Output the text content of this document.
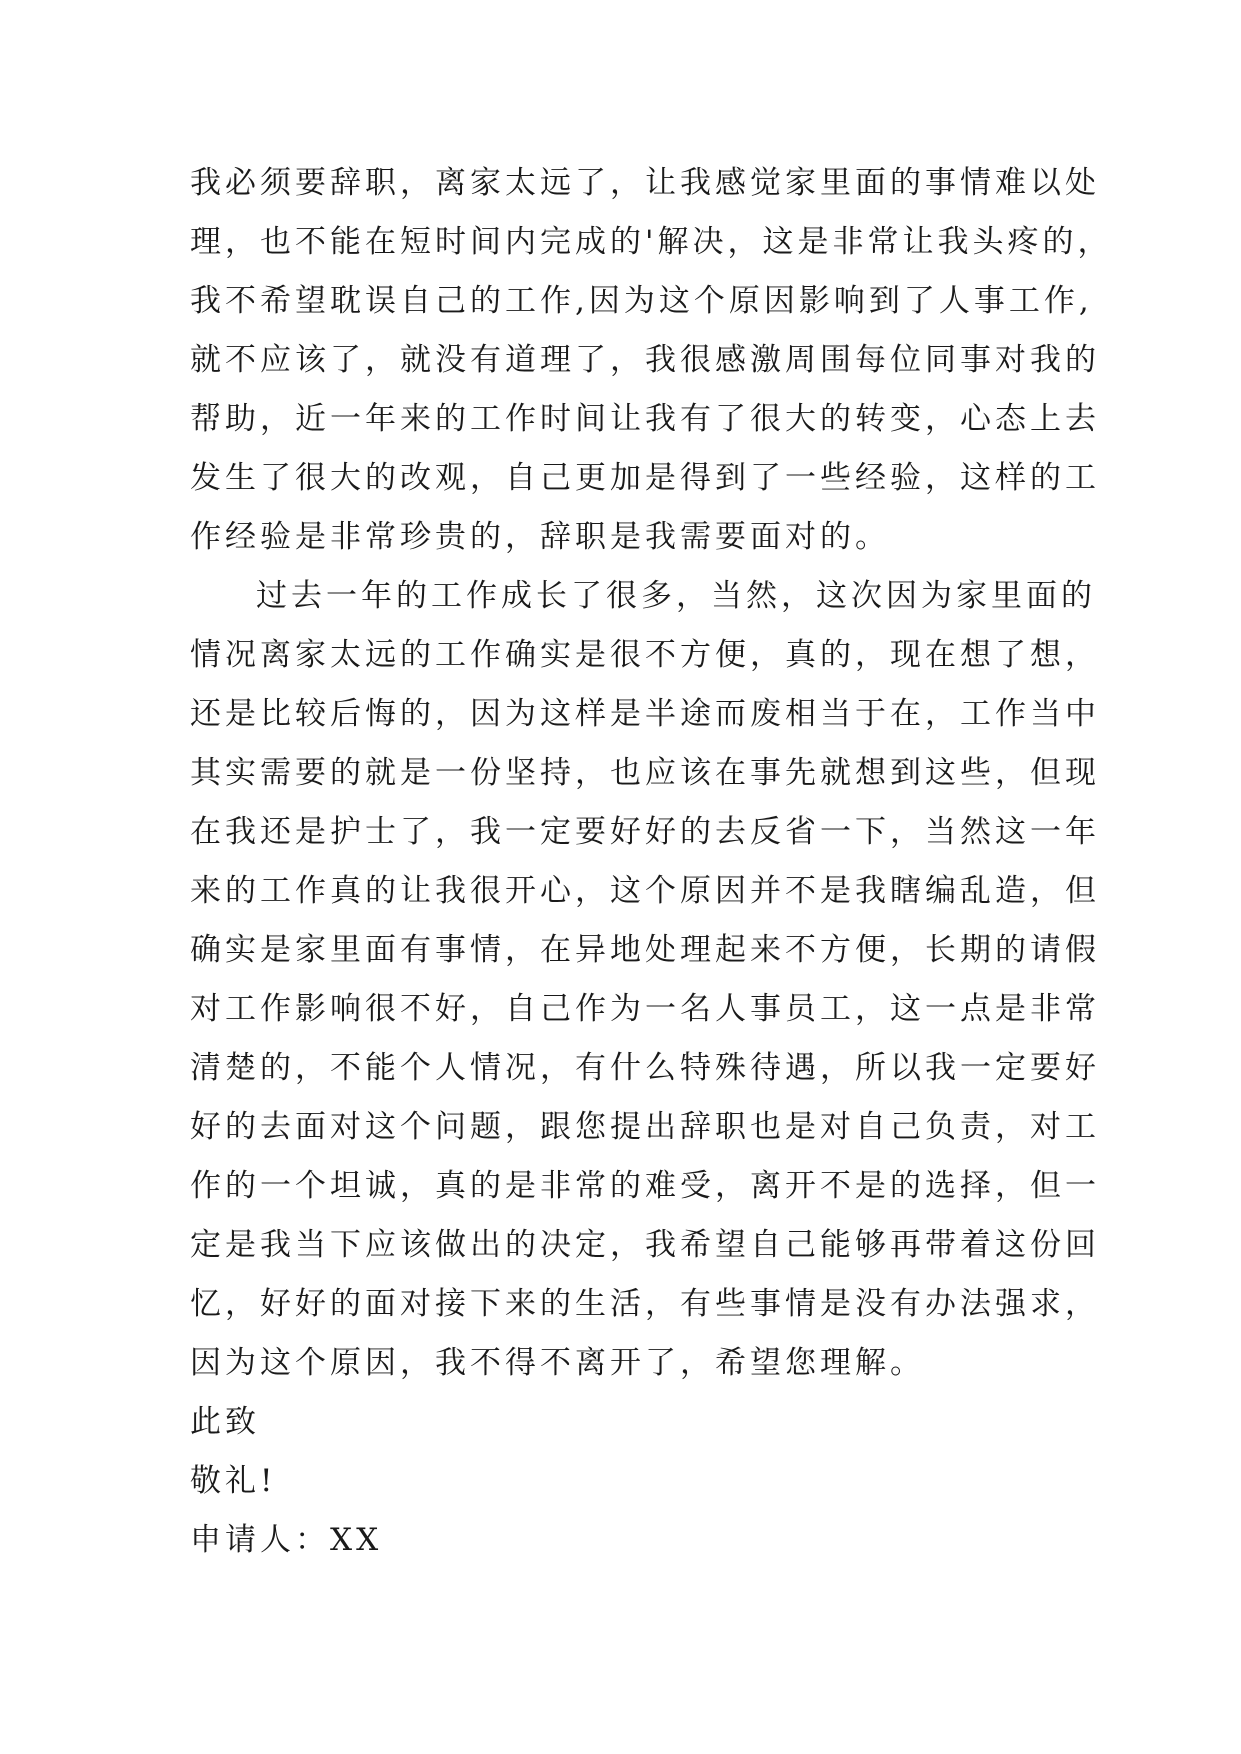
我必须要辞职，离家太远了，让我感觉家里面的事情难以处
理，也不能在短时间内完成的'解决，这是非常让我头疼的，
我不希望耽误自己的工作,因为这个原因影响到了人事工作,
就不应该了，就没有道理了，我很感激周围每位同事对我的
帮助，近一年来的工作时间让我有了很大的转变，心态上去
发生了很大的改观，自己更加是得到了一些经验，这样的工
作经验是非常珍贵的，辞职是我需要面对的。
过去一年的工作成长了很多，当然，这次因为家里面的
情况离家太远的工作确实是很不方便，真的，现在想了想，
还是比较后悔的，因为这样是半途而废相当于在，工作当中
其实需要的就是一份坚持，也应该在事先就想到这些，但现
在我还是护士了，我一定要好好的去反省一下，当然这一年
来的工作真的让我很开心，这个原因并不是我瞎编乱造，但
确实是家里面有事情，在异地处理起来不方便，长期的请假
对工作影响很不好，自己作为一名人事员工，这一点是非常
清楚的，不能个人情况，有什么特殊待遇，所以我一定要好
好的去面对这个问题，跟您提出辞职也是对自己负责，对工
作的一个坦诚，真的是非常的难受，离开不是的选择，但一
定是我当下应该做出的决定，我希望自己能够再带着这份回
忆，好好的面对接下来的生活，有些事情是没有办法强求，
因为这个原因，我不得不离开了，希望您理解。
此致
敬礼!
申请人：XX
